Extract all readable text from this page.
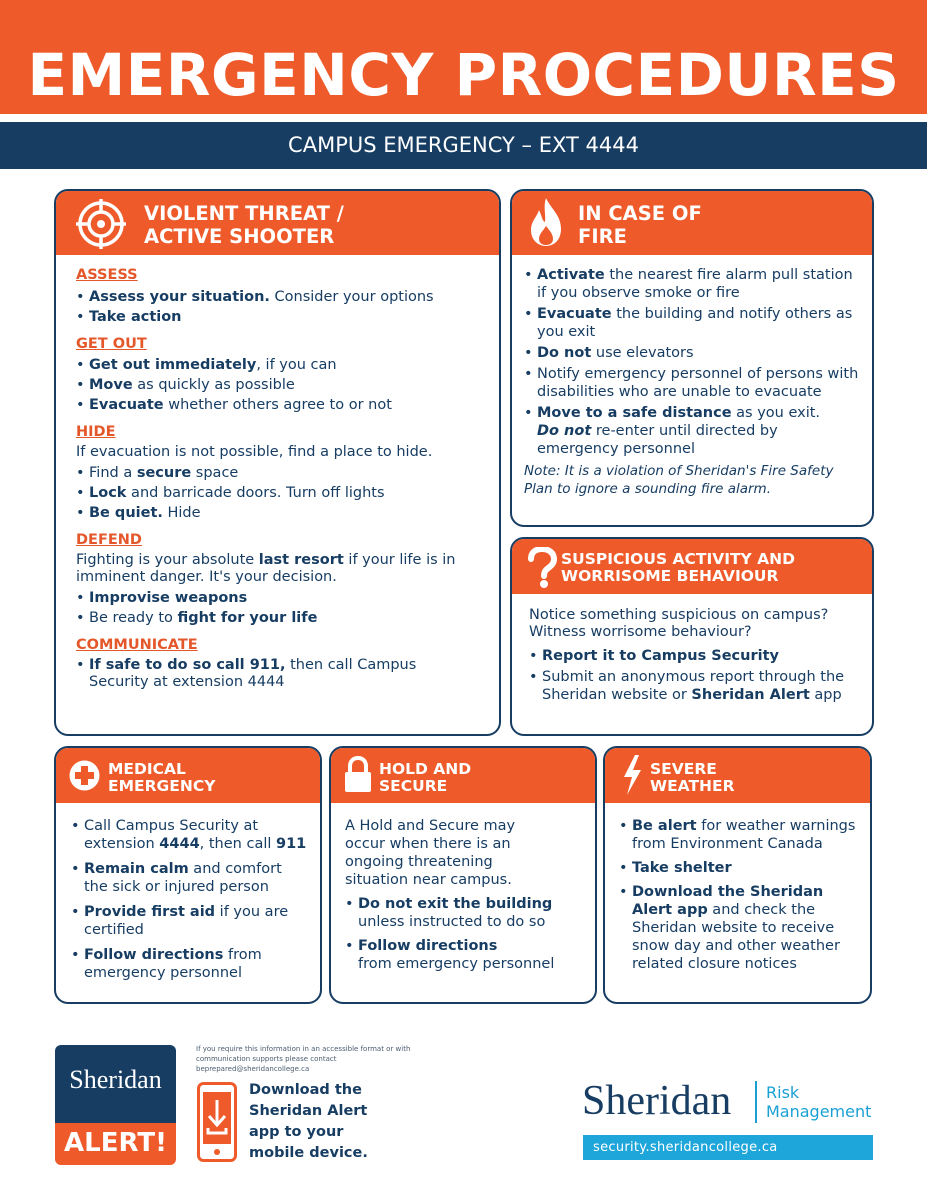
EMERGENCY PROCEDURES
CAMPUS EMERGENCY – EXT 4444
VIOLENT THREAT /
ACTIVE SHOOTER
ASSESS
• Assess your situation. Consider your options
• Take action
GET OUT
• Get out immediately, if you can
• Move as quickly as possible
• Evacuate whether others agree to or not
HIDE
If evacuation is not possible, find a place to hide.
• Find a secure space
• Lock and barricade doors. Turn off lights
• Be quiet. Hide
DEFEND
Fighting is your absolute last resort if your life is in imminent danger. It's your decision.
• Improvise weapons
• Be ready to fight for your life
COMMUNICATE
• If safe to do so call 911, then call Campus Security at extension 4444
IN CASE OF
FIRE
• Activate the nearest fire alarm pull station if you observe smoke or fire
• Evacuate the building and notify others as you exit
• Do not use elevators
• Notify emergency personnel of persons with disabilities who are unable to evacuate
• Move to a safe distance as you exit.
Do not re-enter until directed by emergency personnel
Note: It is a violation of Sheridan's Fire Safety Plan to ignore a sounding fire alarm.
SUSPICIOUS ACTIVITY AND
WORRISOME BEHAVIOUR
Notice something suspicious on campus? Witness worrisome behaviour?
• Report it to Campus Security
• Submit an anonymous report through the Sheridan website or Sheridan Alert app
MEDICAL
EMERGENCY
• Call Campus Security at extension 4444, then call 911
• Remain calm and comfort the sick or injured person
• Provide first aid if you are certified
• Follow directions from emergency personnel
HOLD AND
SECURE
A Hold and Secure may occur when there is an ongoing threatening situation near campus.
• Do not exit the building unless instructed to do so
• Follow directions
from emergency personnel
SEVERE
WEATHER
• Be alert for weather warnings from Environment Canada
• Take shelter
• Download the Sheridan Alert app and check the Sheridan website to receive snow day and other weather related closure notices
Sheridan
ALERT!
If you require this information in an accessible format or with communication supports please contact beprepared@sheridancollege.ca
Download the
Sheridan Alert
app to your
mobile device.
Sheridan Risk
Management
security.sheridancollege.ca
